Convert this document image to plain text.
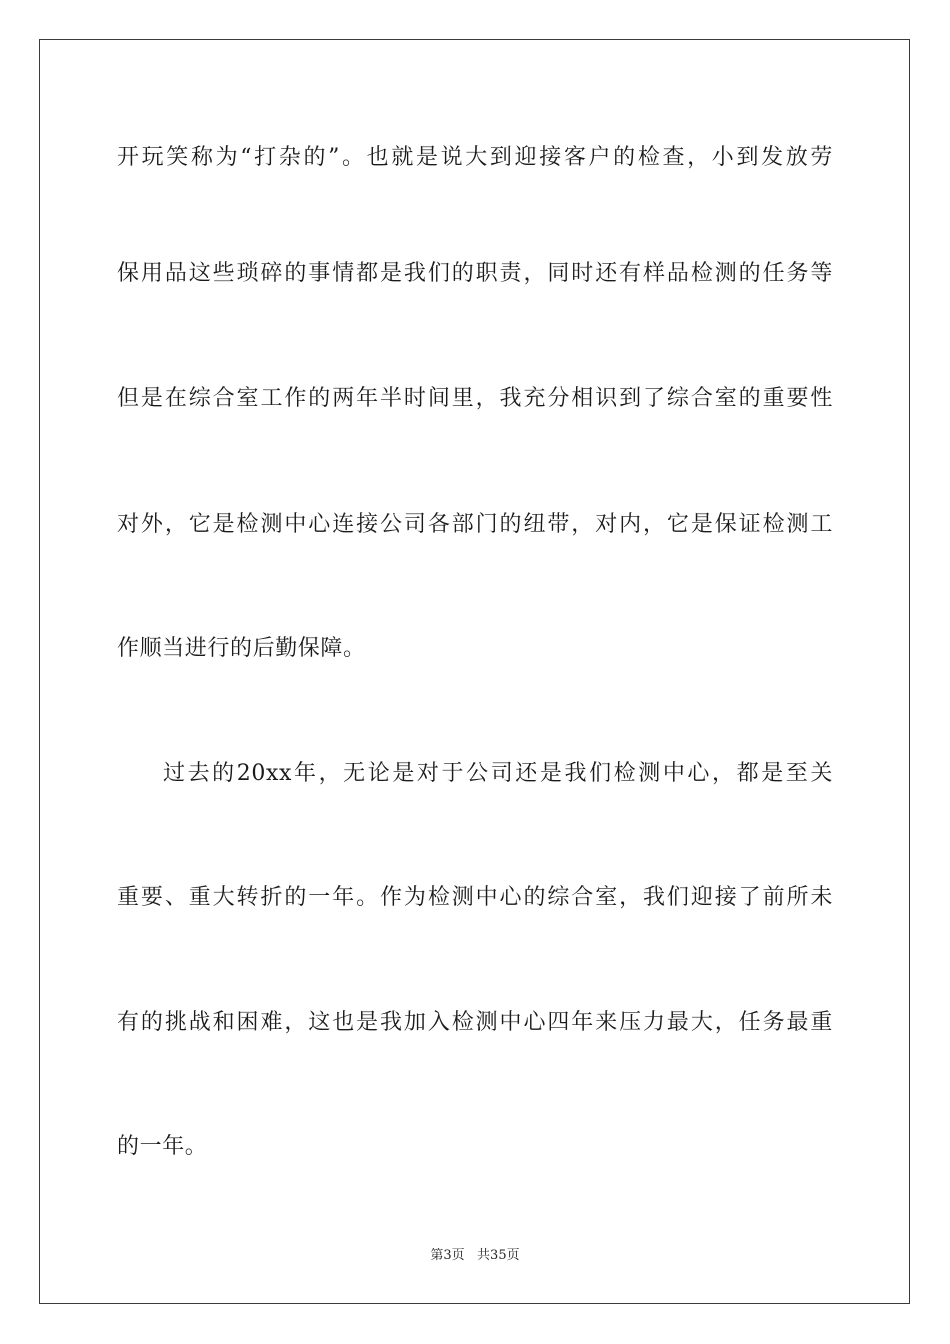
开玩笑称为“打杂的”。也就是说大到迎接客户的检查，小到发放劳
保用品这些琐碎的事情都是我们的职责，同时还有样品检测的任务等
但是在综合室工作的两年半时间里，我充分相识到了综合室的重要性
对外，它是检测中心连接公司各部门的纽带，对内，它是保证检测工
作顺当进行的后勤保障。
过去的20xx年，无论是对于公司还是我们检测中心，都是至关
重要、重大转折的一年。作为检测中心的综合室，我们迎接了前所未
有的挑战和困难，这也是我加入检测中心四年来压力最大，任务最重
的一年。
第3页   共35页
